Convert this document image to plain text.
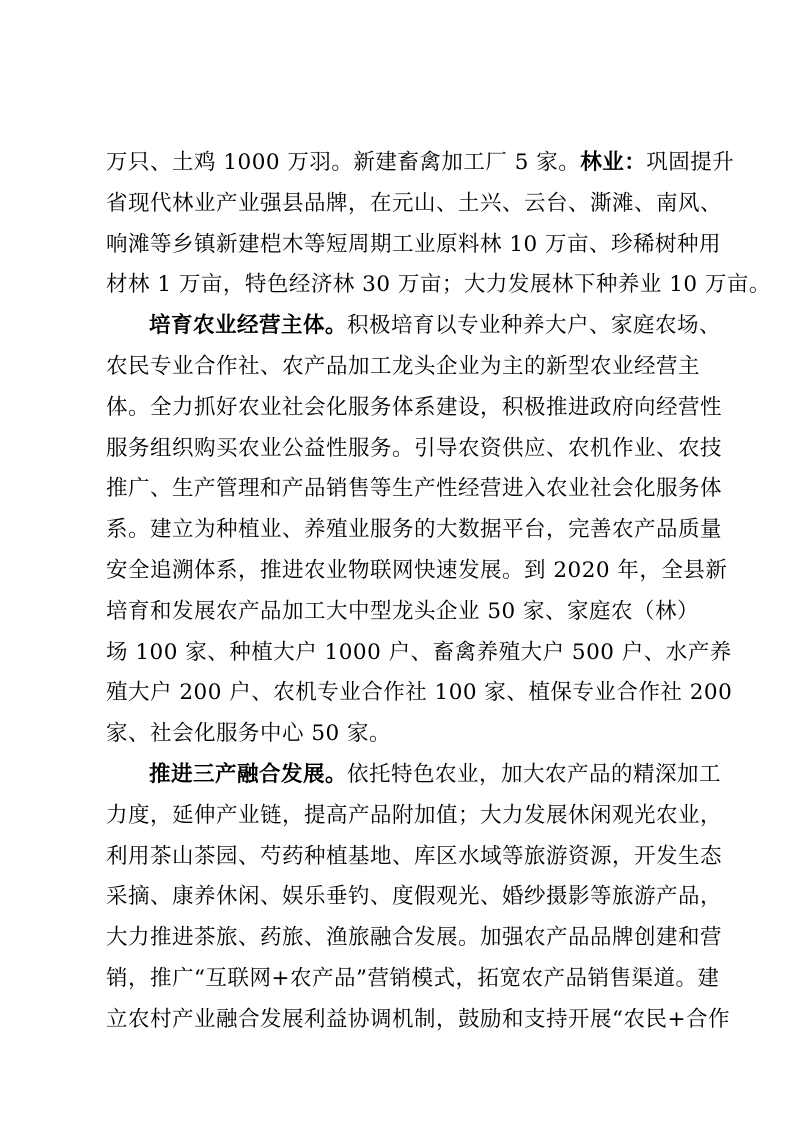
万只、土鸡 1000 万羽。新建畜禽加工厂 5 家。林业：巩固提升
省现代林业产业强县品牌，在元山、土兴、云台、澌滩、南风、
响滩等乡镇新建桤木等短周期工业原料林 10 万亩、珍稀树种用
材林 1 万亩，特色经济林 30 万亩；大力发展林下种养业 10 万亩。
培育农业经营主体。积极培育以专业种养大户、家庭农场、
农民专业合作社、农产品加工龙头企业为主的新型农业经营主
体。全力抓好农业社会化服务体系建设，积极推进政府向经营性
服务组织购买农业公益性服务。引导农资供应、农机作业、农技
推广、生产管理和产品销售等生产性经营进入农业社会化服务体
系。建立为种植业、养殖业服务的大数据平台，完善农产品质量
安全追溯体系，推进农业物联网快速发展。到 2020 年，全县新
培育和发展农产品加工大中型龙头企业 50 家、家庭农（林）
场 100 家、种植大户 1000 户、畜禽养殖大户 500 户、水产养
殖大户 200 户、农机专业合作社 100 家、植保专业合作社 200
家、社会化服务中心 50 家。
推进三产融合发展。依托特色农业，加大农产品的精深加工
力度，延伸产业链，提高产品附加值；大力发展休闲观光农业，
利用茶山茶园、芍药种植基地、库区水域等旅游资源，开发生态
采摘、康养休闲、娱乐垂钓、度假观光、婚纱摄影等旅游产品，
大力推进茶旅、药旅、渔旅融合发展。加强农产品品牌创建和营
销，推广“互联网+农产品”营销模式，拓宽农产品销售渠道。建
立农村产业融合发展利益协调机制，鼓励和支持开展“农民+合作
